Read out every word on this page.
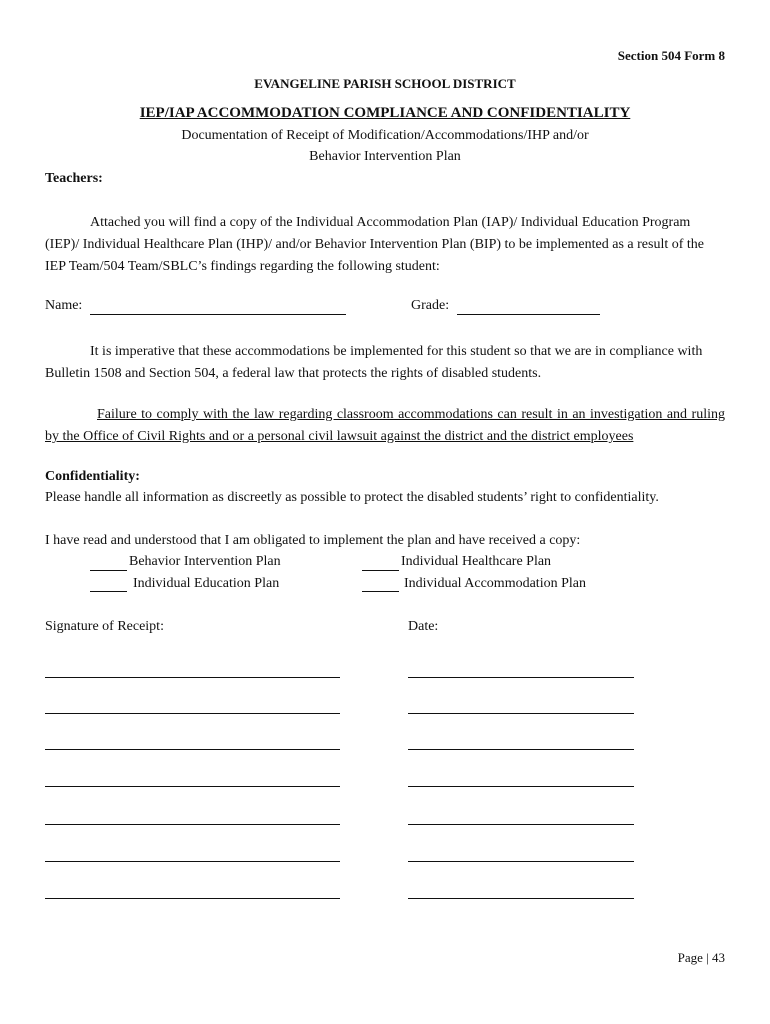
Section 504 Form 8
EVANGELINE PARISH SCHOOL DISTRICT
IEP/IAP ACCOMMODATION COMPLIANCE AND CONFIDENTIALITY
Documentation of Receipt of Modification/Accommodations/IHP and/or
Behavior Intervention Plan
Teachers:

Attached you will find a copy of the Individual Accommodation Plan (IAP)/ Individual Education Program (IEP)/ Individual Healthcare Plan (IHP)/ and/or Behavior Intervention Plan (BIP) to be implemented as a result of the IEP Team/504 Team/SBLC’s findings regarding the following student:

Name:	Grade:

It is imperative that these accommodations be implemented for this student so that we are in compliance with Bulletin 1508 and Section 504, a federal law that protects the rights of disabled students.

Failure to comply with the law regarding classroom accommodations can result in an investigation and ruling by the Office of Civil Rights and or a personal civil lawsuit against the district and the district employees

Confidentiality:
Please handle all information as discreetly as possible to protect the disabled students’ right to confidentiality.
I have read and understood that I am obligated to implement the plan and have received a copy:
Behavior Intervention Plan	Individual Healthcare Plan
Individual Education Plan	Individual Accommodation Plan
Signature of Receipt:	Date:
Page | 43
